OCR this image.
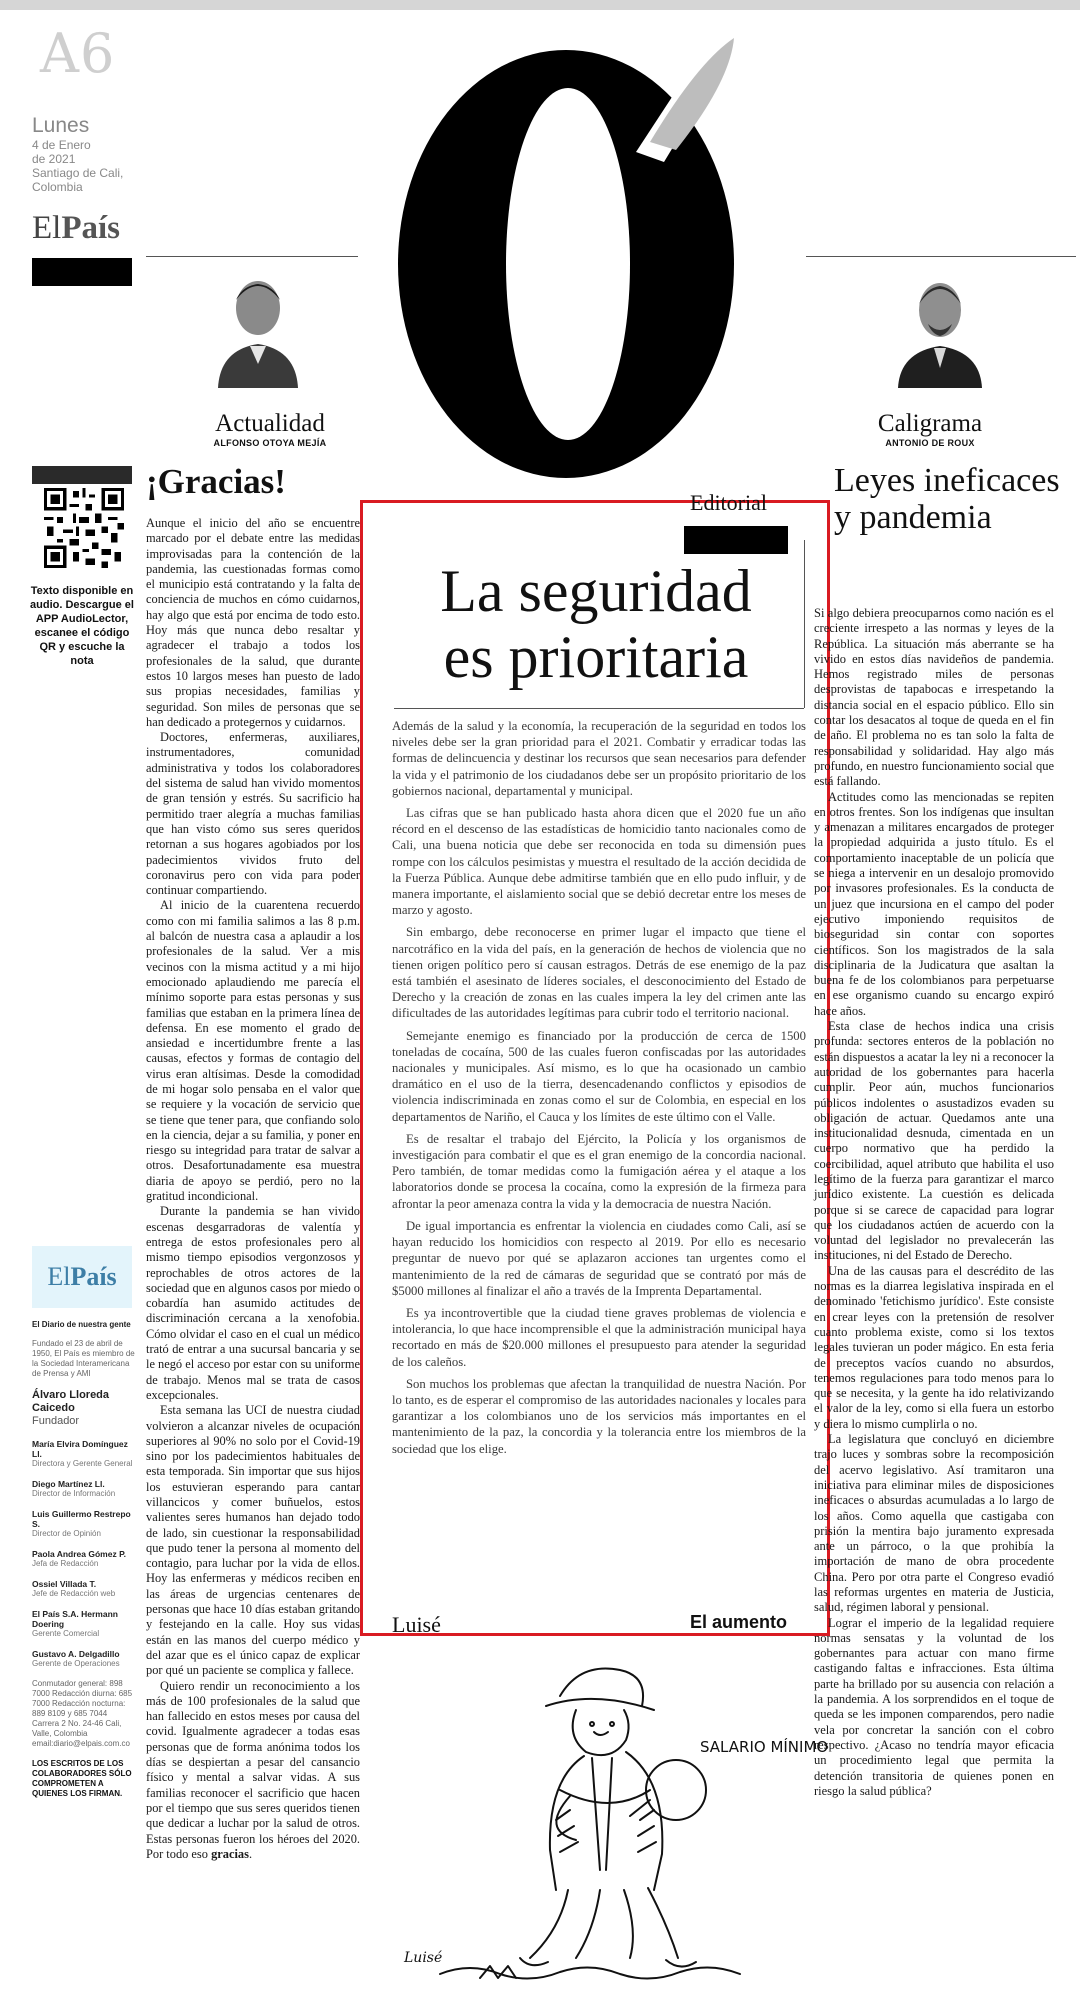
A6
Lunes
4 de Enero
de 2021
Santiago de Cali,
Colombia
ElPaís
Actualidad
ALFONSO OTOYA MEJÍA
Caligrama
ANTONIO DE ROUX
Texto disponible en audio. Descargue el APP AudioLector, escanee el código QR y escuche la nota
¡Gracias!

Aunque el inicio del año se encuentre marcado por el debate entre las medidas improvisadas para la contención de la pandemia, las cuestionadas formas como el municipio está contratando y la falta de conciencia de muchos en cómo cuidarnos, hay algo que está por encima de todo esto. Hoy más que nunca debo resaltar y agradecer el trabajo a todos los profesionales de la salud, que durante estos 10 largos meses han puesto de lado sus propias necesidades, familias y seguridad. Son miles de personas que se han dedicado a protegernos y cuidarnos.

Doctores, enfermeras, auxiliares, instrumentadores, comunidad administrativa y todos los colaboradores del sistema de salud han vivido momentos de gran tensión y estrés. Su sacrificio ha permitido traer alegría a muchas familias que han visto cómo sus seres queridos retornan a sus hogares agobiados por los padecimientos vividos fruto del coronavirus pero con vida para poder continuar compartiendo.

Al inicio de la cuarentena recuerdo como con mi familia salimos a las 8 p.m. al balcón de nuestra casa a aplaudir a los profesionales de la salud. Ver a mis vecinos con la misma actitud y a mi hijo emocionado aplaudiendo me parecía el mínimo soporte para estas personas y sus familias que estaban en la primera línea de defensa. En ese momento el grado de ansiedad e incertidumbre frente a las causas, efectos y formas de contagio del virus eran altísimas. Desde la comodidad de mi hogar solo pensaba en el valor que se requiere y la vocación de servicio que se tiene que tener para, que confiando solo en la ciencia, dejar a su familia, y poner en riesgo su integridad para tratar de salvar a otros. Desafortunadamente esa muestra diaria de apoyo se perdió, pero no la gratitud incondicional.

Durante la pandemia se han vivido escenas desgarradoras de valentía y entrega de estos profesionales pero al mismo tiempo episodios vergonzosos y reprochables de otros actores de la sociedad que en algunos casos por miedo o cobardía han asumido actitudes de discriminación cercana a la xenofobia. Cómo olvidar el caso en el cual un médico trató de entrar a una sucursal bancaria y se le negó el acceso por estar con su uniforme de trabajo. Menos mal se trata de casos excepcionales.

Esta semana las UCI de nuestra ciudad volvieron a alcanzar niveles de ocupación superiores al 90% no solo por el Covid-19 sino por los padecimientos habituales de esta temporada. Sin importar que sus hijos los estuvieran esperando para cantar villancicos y comer buñuelos, estos valientes seres humanos han dejado todo de lado, sin cuestionar la responsabilidad que pudo tener la persona al momento del contagio, para luchar por la vida de ellos. Hoy las enfermeras y médicos reciben en las áreas de urgencias centenares de personas que hace 10 días estaban gritando y festejando en la calle. Hoy sus vidas están en las manos del cuerpo médico y del azar que es el único capaz de explicar por qué un paciente se complica y fallece.

Quiero rendir un reconocimiento a los más de 100 profesionales de la salud que han fallecido en estos meses por causa del covid. Igualmente agradecer a todas esas personas que de forma anónima todos los días se despiertan a pesar del cansancio físico y mental a salvar vidas. A sus familias reconocer el sacrificio que hacen por el tiempo que sus seres queridos tienen que dedicar a luchar por la salud de otros. Estas personas fueron los héroes del 2020. Por todo eso gracias.

ElPaís
El Diario de nuestra gente
Fundado el 23 de abril de 1950, El País es miembro de la Sociedad Interamericana de Prensa y AMI
Álvaro Lloreda Caicedo
Fundador
María Elvira Domínguez Ll.
Directora y Gerente General
Diego Martínez Ll.
Director de Información
Luis Guillermo Restrepo S.
Director de Opinión
Paola Andrea Gómez P.
Jefa de Redacción
Ossiel Villada T.
Jefe de Redacción web
El País S.A. Hermann Doering
Gerente Comercial
Gustavo A. Delgadillo
Gerente de Operaciones
Conmutador general: 898 7000 Redacción diurna: 685 7000 Redacción nocturna: 889 8109 y 685 7044 Carrera 2 No. 24-46 Cali, Valle, Colombia email:diario@elpais.com.co
LOS ESCRITOS DE LOS COLABORADORES SÓLO COMPROMETEN A QUIENES LOS FIRMAN.
Editorial
La seguridad
es prioritaria

Además de la salud y la economía, la recuperación de la seguridad en todos los niveles debe ser la gran prioridad para el 2021. Combatir y erradicar todas las formas de delincuencia y destinar los recursos que sean necesarios para defender la vida y el patrimonio de los ciudadanos debe ser un propósito prioritario de los gobiernos nacional, departamental y municipal.

Las cifras que se han publicado hasta ahora dicen que el 2020 fue un año récord en el descenso de las estadísticas de homicidio tanto nacionales como de Cali, una buena noticia que debe ser reconocida en toda su dimensión pues rompe con los cálculos pesimistas y muestra el resultado de la acción decidida de la Fuerza Pública. Aunque debe admitirse también que en ello pudo influir, y de manera importante, el aislamiento social que se debió decretar entre los meses de marzo y agosto.

Sin embargo, debe reconocerse en primer lugar el impacto que tiene el narcotráfico en la vida del país, en la generación de hechos de violencia que no tienen origen político pero sí causan estragos. Detrás de ese enemigo de la paz está también el asesinato de líderes sociales, el desconocimiento del Estado de Derecho y la creación de zonas en las cuales impera la ley del crimen ante las dificultades de las autoridades legítimas para cubrir todo el territorio nacional.

Semejante enemigo es financiado por la producción de cerca de 1500 toneladas de cocaína, 500 de las cuales fueron confiscadas por las autoridades nacionales y municipales. Así mismo, es lo que ha ocasionado un cambio dramático en el uso de la tierra, desencadenando conflictos y episodios de violencia indiscriminada en zonas como el sur de Colombia, en especial en los departamentos de Nariño, el Cauca y los límites de este último con el Valle.

Es de resaltar el trabajo del Ejército, la Policía y los organismos de investigación para combatir el que es el gran enemigo de la concordia nacional. Pero también, de tomar medidas como la fumigación aérea y el ataque a los laboratorios donde se procesa la cocaína, como la expresión de la firmeza para afrontar la peor amenaza contra la vida y la democracia de nuestra Nación.

De igual importancia es enfrentar la violencia en ciudades como Cali, así se hayan reducido los homicidios con respecto al 2019. Por ello es necesario preguntar de nuevo por qué se aplazaron acciones tan urgentes como el mantenimiento de la red de cámaras de seguridad que se contrató por más de $5000 millones al finalizar el año a través de la Imprenta Departamental.

Es ya incontrovertible que la ciudad tiene graves problemas de violencia e intolerancia, lo que hace incomprensible el que la administración municipal haya recortado en más de $20.000 millones el presupuesto para atender la seguridad de los caleños.

Son muchos los problemas que afectan la tranquilidad de nuestra Nación. Por lo tanto, es de esperar el compromiso de las autoridades nacionales y locales para garantizar a los colombianos uno de los servicios más importantes en el mantenimiento de la paz, la concordia y la tolerancia entre los miembros de la sociedad que los elige.

Luisé	El aumento
Leyes ineficaces y pandemia

Si algo debiera preocuparnos como nación es el creciente irrespeto a las normas y leyes de la República. La situación más aberrante se ha vivido en estos días navideños de pandemia. Hemos registrado miles de personas desprovistas de tapabocas e irrespetando la distancia social en el espacio público. Ello sin contar los desacatos al toque de queda en el fin de año. El problema no es tan solo la falta de responsabilidad y solidaridad. Hay algo más profundo, en nuestro funcionamiento social que está fallando.

Actitudes como las mencionadas se repiten en otros frentes. Son los indígenas que insultan y amenazan a militares encargados de proteger la propiedad adquirida a justo título. Es el comportamiento inaceptable de un policía que se niega a intervenir en un desalojo promovido por invasores profesionales. Es la conducta de un juez que incursiona en el campo del poder ejecutivo imponiendo requisitos de bioseguridad sin contar con soportes científicos. Son los magistrados de la sala disciplinaria de la Judicatura que asaltan la buena fe de los colombianos para perpetuarse en ese organismo cuando su encargo expiró hace años.

Esta clase de hechos indica una crisis profunda: sectores enteros de la población no están dispuestos a acatar la ley ni a reconocer la autoridad de los gobernantes para hacerla cumplir. Peor aún, muchos funcionarios públicos indolentes o asustadizos evaden su obligación de actuar. Quedamos ante una institucionalidad desnuda, cimentada en un cuerpo normativo que ha perdido la coercibilidad, aquel atributo que habilita el uso legítimo de la fuerza para garantizar el marco jurídico existente. La cuestión es delicada porque si se carece de capacidad para lograr que los ciudadanos actúen de acuerdo con la voluntad del legislador no prevalecerán las instituciones, ni del Estado de Derecho.

Una de las causas para el descrédito de las normas es la diarrea legislativa inspirada en el denominado 'fetichismo jurídico'. Este consiste en crear leyes con la pretensión de resolver cuanto problema existe, como si los textos legales tuvieran un poder mágico. En esta feria de preceptos vacíos cuando no absurdos, tenemos regulaciones para todo menos para lo que se necesita, y la gente ha ido relativizando el valor de la ley, como si ella fuera un estorbo y diera lo mismo cumplirla o no.

La legislatura que concluyó en diciembre trajo luces y sombras sobre la recomposición del acervo legislativo. Así tramitaron una iniciativa para eliminar miles de disposiciones ineficaces o absurdas acumuladas a lo largo de los años. Como aquella que castigaba con prisión la mentira bajo juramento expresada ante un párroco, o la que prohibía la importación de mano de obra procedente China. Pero por otra parte el Congreso evadió las reformas urgentes en materia de Justicia, salud, régimen laboral y pensional.

Lograr el imperio de la legalidad requiere normas sensatas y la voluntad de los gobernantes para actuar con mano firme castigando faltas e infracciones. Esta última parte ha brillado por su ausencia con relación a la pandemia. A los sorprendidos en el toque de queda se les imponen comparendos, pero nadie vela por concretar la sanción con el cobro respectivo. ¿Acaso no tendría mayor eficacia un procedimiento legal que permita la detención transitoria de quienes ponen en riesgo la salud pública?

SALARIO MÍNIMO
Luisé
